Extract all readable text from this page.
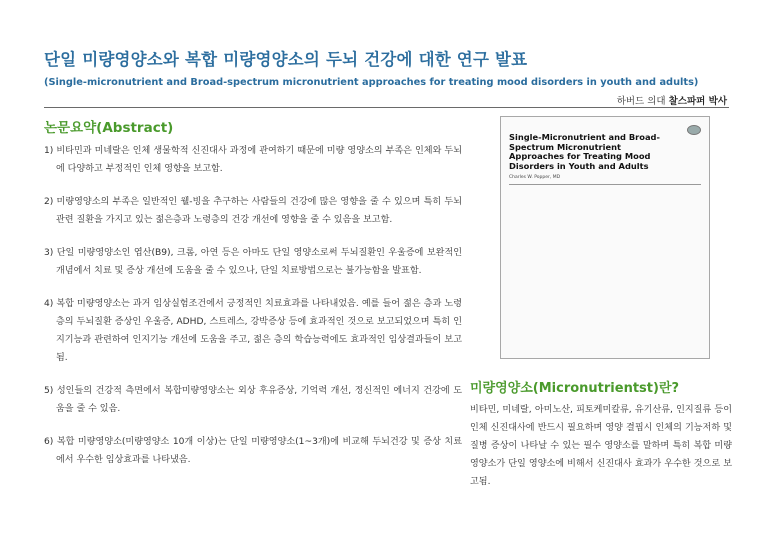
단일 미량영양소와 복합 미량영양소의 두뇌 건강에 대한 연구 발표

(Single-micronutrient and Broad-spectrum micronutrient approaches for treating mood disorders in youth and adults)

하버드 의대 찰스파퍼 박사

논문요약(Abstract)
1) 비타민과 미네랄은 인체 생물학적 신진대사 과정에 관여하기 때문에 미량 영양소의 부족은 인체와 두뇌에 다양하고 부정적인 인체 영향을 보고함.
2) 미량영양소의 부족은 일반적인 웰-빙을 추구하는 사람들의 건강에 많은 영향을 줄 수 있으며 특히 두뇌관련 질환을 가지고 있는 젊은층과 노령층의 건강 개선에 영향을 줄 수 있음을 보고함.
3) 단일 미량영양소인 엽산(B9), 크롬, 아연 등은 아마도 단일 영양소로써 두뇌질환인 우울증에 보완적인 개념에서 치료 및 증상 개선에 도움을 줄 수 있으나, 단일 치료방법으로는 불가능함을 발표함.
4) 복합 미량영양소는 과거 임상실험조건에서 긍정적인 치료효과를 나타내었음. 예를 들어 젊은 층과 노령 층의 두뇌질환 증상인 우울증, ADHD, 스트레스, 강박증상 등에 효과적인 것으로 보고되었으며 특히 인지기능과 관련하여 인지기능 개선에 도움을 주고, 젊은 층의 학습능력에도 효과적인 임상결과들이 보고됨.
5) 성인들의 건강적 측면에서 복합미량영양소는 외상 후유증상, 기억력 개선, 정신적인 에너지 건강에 도움을 줄 수 있음.
6) 복합 미량영양소(미량영양소 10개 이상)는 단일 미량영양소(1~3개)에 비교해 두뇌건강 및 증상 치료에서 우수한 임상효과를 나타냈음.
Single-Micronutrient and Broad-Spectrum Micronutrient Approaches for Treating Mood Disorders in Youth and Adults
Charles W. Popper, MD
미량영양소(Micronutrientst)란?

비타민, 미네랄, 아미노산, 피토케미칼류, 유기산류, 인지질류 등이 인체 신진대사에 반드시 필요하며 영양 결핍시 인체의 기능저하 및 질병 증상이 나타날 수 있는 필수 영양소를 말하며 특히 복합 미량영양소가 단일 영양소에 비해서 신진대사 효과가 우수한 것으로 보고됨.
